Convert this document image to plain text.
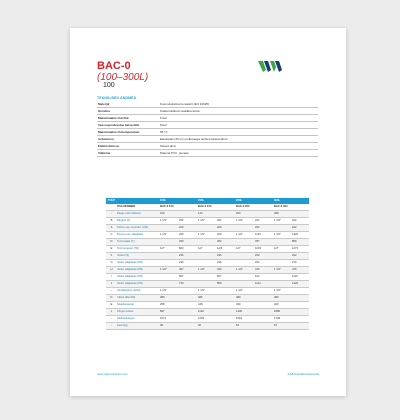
BAC-0
(100–300L)
100
TEKNILISED ANDMED
Materjal	Kuumutsinkitud terasleht (EN 10025)
Kinnitus	Kokkuvolditud metallikonstruk.
Maksimaalne töörõhk	6 bar
Veesoojendusaine katserõhk	8 bar
Maksimaalne töötemperatuur	95 °C
Isolatsioon	Elastokaim 65 mm polisoaega polüureturaanvahuti
Elektrivõimsus	Sisse/Lairid
Välimine	Pakend PVC, punase
TÜÜP		100L		150L		200L		300L	
	OSA NUMBER	BAC-0 100		BAC-0 150		BAC-0 200		BAC-0 300	
-	Paagi maht (liitrites)	100		144		204		289	
B	Ringlus (P)	1 1/2"	222	1 1/2"	222	1 1/2"	222	1 1/2"	222
A	Külma vee muundur (CW)		220		220		222		222
C	Kuuma vee väljalaske	1 1/2"	220	1 1/2"	220	1 1/2"	1113	1 1/2"	1320
D	Termostaat (T)		453		453		787		859
E	Termomeeter (TR)	1/2"	823	1/2"	1/26	1/2"	1003	1/2"	1273
F	Anduri (S)		236		236		222		222
G	Vedur väljalaske (PR)		236		236		222		270
H	Vedur väljalaske (PR)	1 1/2"	397	1 1/2"	433	1 1/2"	415	1 1/2"	476
I	Vedur väljalaske (PR)		507		507		613		1116
J	Vedur väljalaske (PR)		730		850		1113		1320
-	Ventilatsioon (HVH)	1 1/2"		1 1/2"		1 1/2"		1 1/2"	
D	Välise läbimõõt	480		480		480		480	
E	Sisediameeter	298		448		430		420	
L	Kõrgus kokku	897		1120		1436		1886	
-	Kallutuskõrgus	1071		1293		1519		1748	
-	Kaal (kg)	36		40		54		67	
www.watersolutions.com	4 SA veeküttesüsteemide
